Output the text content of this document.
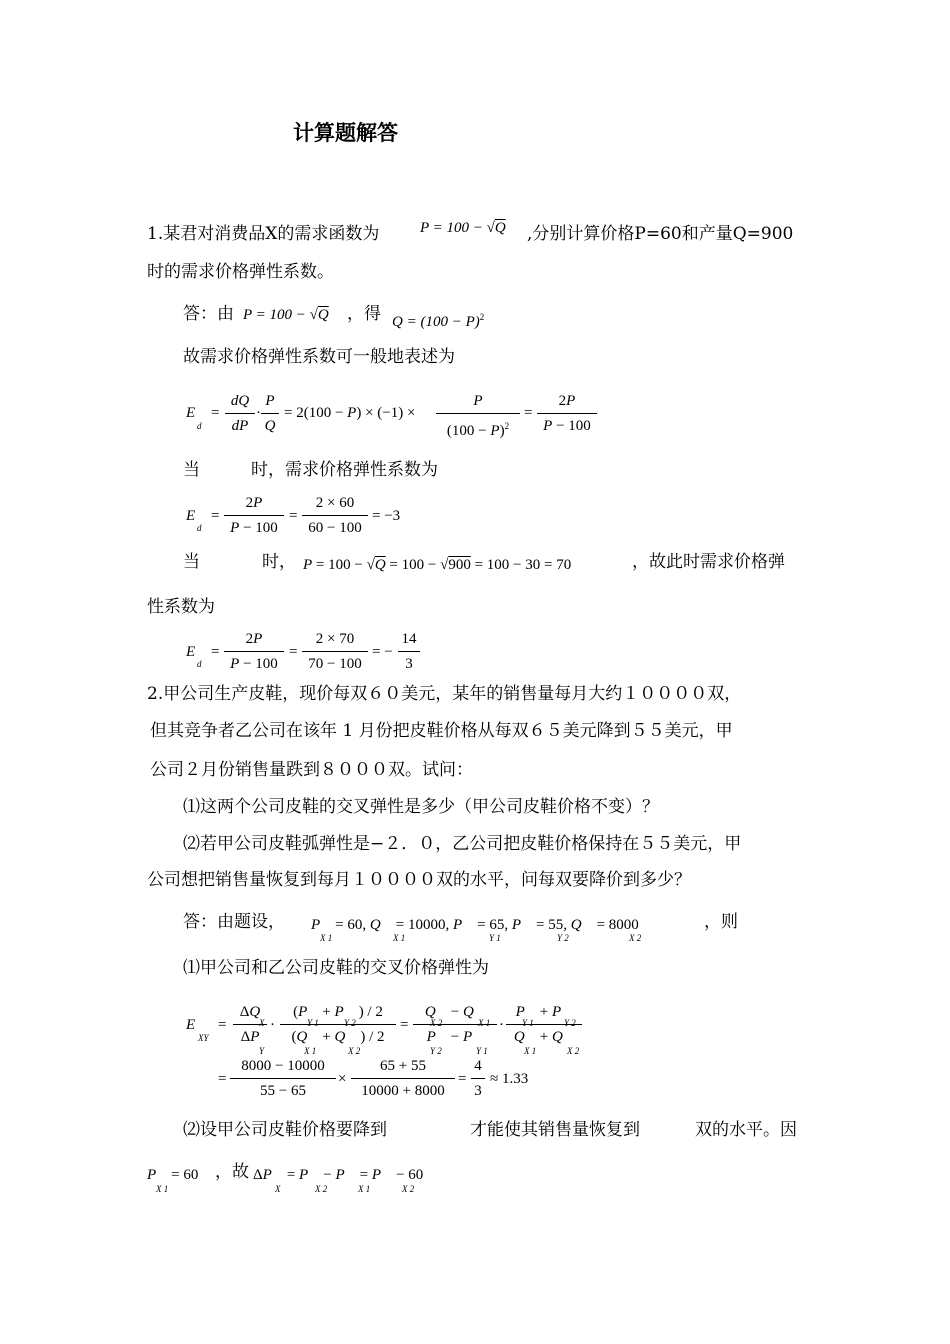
计算题解答
1.某君对消费品X的需求函数为	P = 100 − √Q ,分别计算价格P=60和产量Q=900
时的需求价格弹性系数。
答：由 P = 100 − √Q ，得 $Q = (100 - P)^2$
故需求价格弹性系数可一般地表述为
E
d
= $\frac{dQ}{dP} \cdot \frac{P}{Q} = 2(100 - P) \times (-1) \times \frac{P}{(100 - P)^2} = \frac{2P}{P - 100}$
当	时，需求价格弹性系数为
E
d
= $\frac{2P}{P - 100} = \frac{2 \times 60}{60 - 100} = -3$
当	时， P = 100 − √Q = 100 − √900 = 100 − 30 = 70	，故此时需求价格弹
性系数为
E
d
= $\frac{2P}{P - 100} = \frac{2 \times 70}{70 - 100}$ = − $\frac{14}{3}$
2.甲公司生产皮鞋，现价每双６０美元，某年的销售量每月大约１００００双，
但其竞争者乙公司在该年 1 月份把皮鞋价格从每双６５美元降到５５美元，甲
公司２月份销售量跌到８０００双。试问：
⑴这两个公司皮鞋的交叉弹性是多少（甲公司皮鞋价格不变）？
⑵若甲公司皮鞋弧弹性是−２．０，乙公司把皮鞋价格保持在５５美元，甲
公司想把销售量恢复到每月１００００双的水平，问每双要降价到多少？
答：由题设， P    = 60, Q    = 10000, P    = 65, P    = 55, Q    = 8000
X 1	X 1	Y 1	Y 2	X 2
，则
⑴甲公司和乙公司皮鞋的交叉价格弹性为
E
XY
= $\frac{\Delta Q}{\Delta P}$
X
Y
· $\frac{(P + P ) / 2}{(Q + Q ) / 2}$
Y 1	Y 2
X 1	X 2
= $\frac{Q - Q}{P - P}$
X 2	X 1
Y 2	Y 1
· $\frac{P + P}{Q + Q}$
Y 1	Y 2
X 1	X 2
= $\frac{8000 - 10000}{55 - 65} \times \frac{65 + 55}{10000 + 8000} = \frac{4}{3} \approx 1.33$
⑵设甲公司皮鞋价格要降到	才能使其销售量恢复到	双的水平。因
P    = 60
X 1
，故 ΔP    = P    − P    = P    − 60
X	X 2	X 1	X 2
